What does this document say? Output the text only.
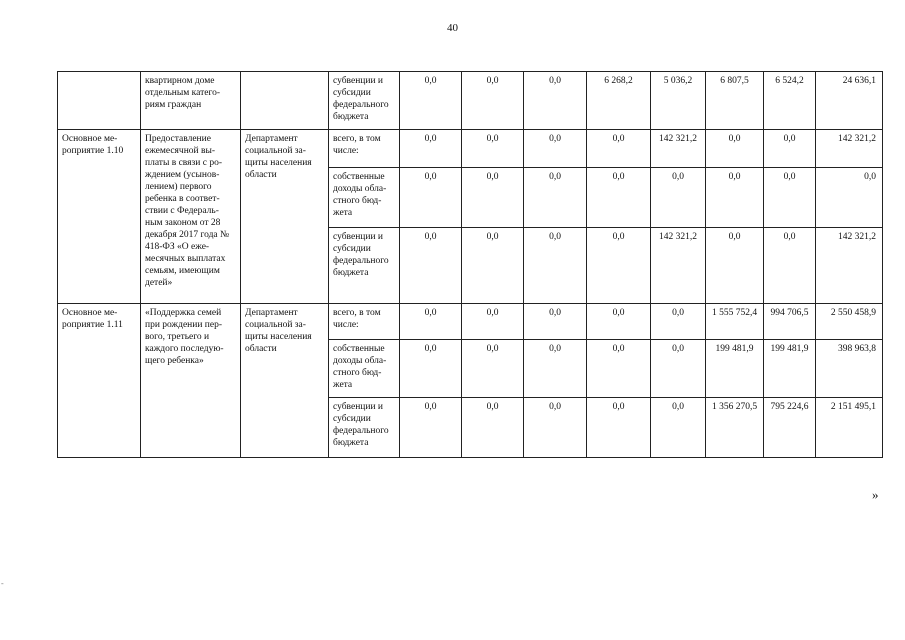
40
	квартирном доме отдельным катего-риям граждан		субвенции и субсидии федерального бюджета	0,0	0,0	0,0	6 268,2	5 036,2	6 807,5	6 524,2	24 636,1
Основное ме-роприятие 1.10	Предоставление ежемесячной вы-платы в связи с ро-ждением (усынов-лением) первого ребенка в соответ-ствии с Федераль-ным законом от 28 декабря 2017 года № 418-ФЗ «О еже-месячных выплатах семьям, имеющим детей»	Департамент социальной за-щиты населения области	всего, в том числе:	0,0	0,0	0,0	0,0	142 321,2	0,0	0,0	142 321,2
			собственные доходы обла-стного бюд-жета	0,0	0,0	0,0	0,0	0,0	0,0	0,0	0,0
			субвенции и субсидии федерального бюджета	0,0	0,0	0,0	0,0	142 321,2	0,0	0,0	142 321,2
Основное ме-роприятие 1.11	«Поддержка семей при рождении пер-вого, третьего и каждого последую-щего ребенка»	Департамент социальной за-щиты населения области	всего, в том числе:	0,0	0,0	0,0	0,0	0,0	1 555 752,4	994 706,5	2 550 458,9
			собственные доходы обла-стного бюд-жета	0,0	0,0	0,0	0,0	0,0	199 481,9	199 481,9	398 963,8
			субвенции и субсидии федерального бюджета	0,0	0,0	0,0	0,0	0,0	1 356 270,5	795 224,6	2 151 495,1
»
-
